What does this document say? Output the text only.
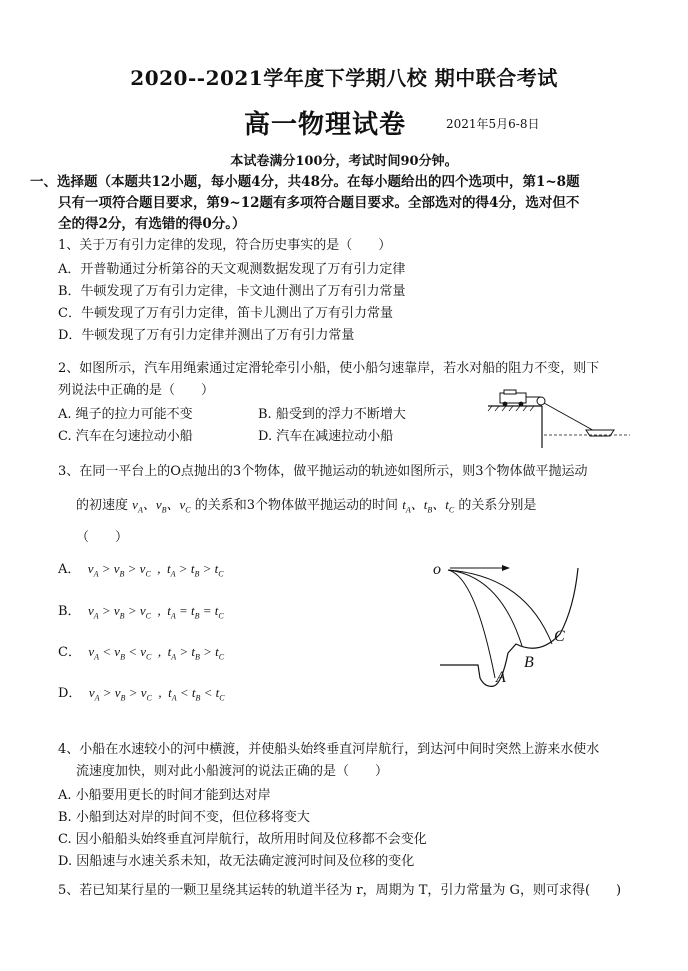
2020--2021学年度下学期八校 期中联合考试
高一物理试卷	2021年5月6-8日
本试卷满分100分，考试时间90分钟。
一、选择题（本题共12小题，每小题4分，共48分。在每小题给出的四个选项中，第1~8题
只有一项符合题目要求，第9~12题有多项符合题目要求。全部选对的得4分，选对但不
全的得2分，有选错的得0分。）
1、关于万有引力定律的发现，符合历史事实的是（　　）
A．开普勒通过分析第谷的天文观测数据发现了万有引力定律
B．牛顿发现了万有引力定律，卡文迪什测出了万有引力常量
C．牛顿发现了万有引力定律，笛卡儿测出了万有引力常量
D．牛顿发现了万有引力定律并测出了万有引力常量
2、如图所示，汽车用绳索通过定滑轮牵引小船，使小船匀速靠岸，若水对船的阻力不变，则下
列说法中正确的是（　　）
A. 绳子的拉力可能不变	B. 船受到的浮力不断增大
C. 汽车在匀速拉动小船	D. 汽车在减速拉动小船
3、在同一平台上的O点抛出的3个物体，做平抛运动的轨迹如图所示，则3个物体做平抛运动
的初速度 $v_A$、$v_B$、$v_C$ 的关系和3个物体做平抛运动的时间 $t_A$、$t_B$、$t_C$ 的关系分别是
（　　）
A．  $v_A > v_B > v_C$  ,  $t_A > t_B > t_C$
B．  $v_A > v_B > v_C$  ,  $t_A = t_B = t_C$
C．  $v_A < v_B < v_C$  ,  $t_A > t_B > t_C$
D．  $v_A > v_B > v_C$  ,  $t_A < t_B < t_C$
o
A
B
C
4、小船在水速较小的河中横渡，并使船头始终垂直河岸航行，到达河中间时突然上游来水使水
流速度加快，则对此小船渡河的说法正确的是（　　）
A. 小船要用更长的时间才能到达对岸
B. 小船到达对岸的时间不变，但位移将变大
C. 因小船船头始终垂直河岸航行，故所用时间及位移都不会变化
D. 因船速与水速关系未知，故无法确定渡河时间及位移的变化
5、若已知某行星的一颗卫星绕其运转的轨道半径为 r，周期为 T，引力常量为 G，则可求得(　　)
